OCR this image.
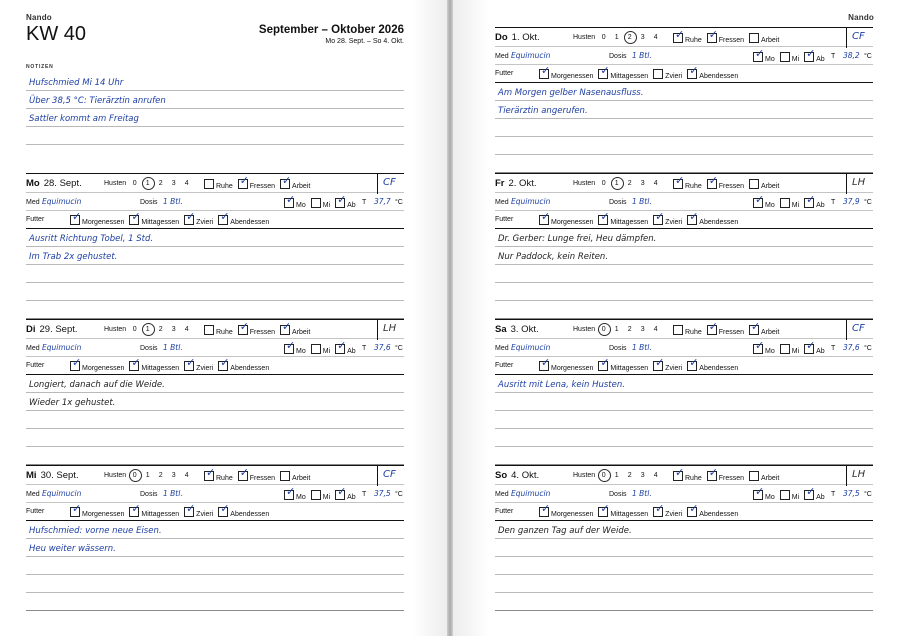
Nando
KW 40	September – Oktober 2026
Mo 28. Sept. – So 4. Okt.
NOTIZEN
Hufschmied Mi 14 Uhr
Über 38,5 °C: Tierärztin anrufen
Sattler kommt am Freitag
Nando
Mo 28. Sept.	Husten 0 1 2 3 4	Ruhe ✓ Fressen ✓ Arbeit	CF
Med Equimucin	Dosis 1 Btl.	✓ Mo Mi ✓ Ab T 37,7 °C
Futter	✓ Morgenessen ✓ Mittagessen ✓ Zvieri ✓ Abendessen
Ausritt Richtung Tobel, 1 Std.
Im Trab 2x gehustet.
Di 29. Sept.	Husten 0 1 2 3 4	Ruhe ✓ Fressen ✓ Arbeit	LH
Med Equimucin	Dosis 1 Btl.	✓ Mo Mi ✓ Ab T 37,6 °C
Futter	✓ Morgenessen ✓ Mittagessen ✓ Zvieri ✓ Abendessen
Longiert, danach auf die Weide.
Wieder 1x gehustet.
Mi 30. Sept.	Husten 0 1 2 3 4	✓ Ruhe ✓ Fressen Arbeit	CF
Med Equimucin	Dosis 1 Btl.	✓ Mo Mi ✓ Ab T 37,5 °C
Futter	✓ Morgenessen ✓ Mittagessen ✓ Zvieri ✓ Abendessen
Hufschmied: vorne neue Eisen.
Heu weiter wässern.
Do 1. Okt.	Husten 0 1 2 3 4	✓ Ruhe ✓ Fressen Arbeit	CF
Med Equimucin	Dosis 1 Btl.	✓ Mo Mi ✓ Ab T 38,2 °C
Futter	✓ Morgenessen ✓ Mittagessen Zvieri ✓ Abendessen
Am Morgen gelber Nasenausfluss.
Tierärztin angerufen.
Fr 2. Okt.	Husten 0 1 2 3 4	✓ Ruhe ✓ Fressen Arbeit	LH
Med Equimucin	Dosis 1 Btl.	✓ Mo Mi ✓ Ab T 37,9 °C
Futter	✓ Morgenessen ✓ Mittagessen ✓ Zvieri ✓ Abendessen
Dr. Gerber: Lunge frei, Heu dämpfen.
Nur Paddock, kein Reiten.
Sa 3. Okt.	Husten 0 1 2 3 4	Ruhe ✓ Fressen ✓ Arbeit	CF
Med Equimucin	Dosis 1 Btl.	✓ Mo Mi ✓ Ab T 37,6 °C
Futter	✓ Morgenessen ✓ Mittagessen ✓ Zvieri ✓ Abendessen
Ausritt mit Lena, kein Husten.
So 4. Okt.	Husten 0 1 2 3 4	✓ Ruhe ✓ Fressen Arbeit	LH
Med Equimucin	Dosis 1 Btl.	✓ Mo Mi ✓ Ab T 37,5 °C
Futter	✓ Morgenessen ✓ Mittagessen ✓ Zvieri ✓ Abendessen
Den ganzen Tag auf der Weide.
